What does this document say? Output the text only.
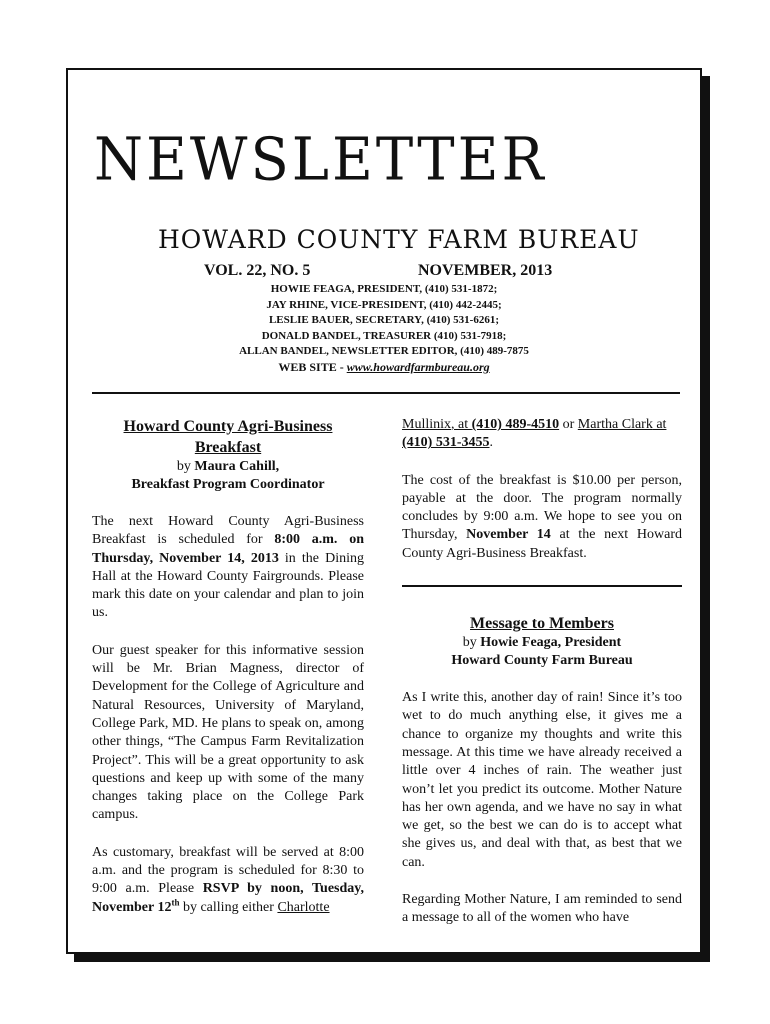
NEWSLETTER
HOWARD COUNTY FARM BUREAU
VOL. 22, NO. 5	NOVEMBER, 2013
HOWIE FEAGA, PRESIDENT, (410) 531-1872;
JAY RHINE, VICE-PRESIDENT, (410) 442-2445;
LESLIE BAUER, SECRETARY, (410) 531-6261;
DONALD BANDEL, TREASURER (410) 531-7918;
ALLAN BANDEL, NEWSLETTER EDITOR, (410) 489-7875
WEB SITE - www.howardfarmbureau.org
Howard County Agri-Business Breakfast
by Maura Cahill,
Breakfast Program Coordinator
The next Howard County Agri-Business Breakfast is scheduled for 8:00 a.m. on Thursday, November 14, 2013 in the Dining Hall at the Howard County Fairgrounds. Please mark this date on your calendar and plan to join us.
Our guest speaker for this informative session will be Mr. Brian Magness, director of Development for the College of Agriculture and Natural Resources, University of Maryland, College Park, MD. He plans to speak on, among other things, “The Campus Farm Revitalization Project”. This will be a great opportunity to ask questions and keep up with some of the many changes taking place on the College Park campus.
As customary, breakfast will be served at 8:00 a.m. and the program is scheduled for 8:30 to 9:00 a.m. Please RSVP by noon, Tuesday, November 12th by calling either Charlotte
Mullinix, at (410) 489-4510 or Martha Clark at
(410) 531-3455.
The cost of the breakfast is $10.00 per person, payable at the door. The program normally concludes by 9:00 a.m. We hope to see you on Thursday, November 14 at the next Howard County Agri-Business Breakfast.
Message to Members
by Howie Feaga, President
Howard County Farm Bureau
As I write this, another day of rain! Since it’s too wet to do much anything else, it gives me a chance to organize my thoughts and write this message. At this time we have already received a little over 4 inches of rain. The weather just won’t let you predict its outcome. Mother Nature has her own agenda, and we have no say in what we get, so the best we can do is to accept what she gives us, and deal with that, as best that we can.
Regarding Mother Nature, I am reminded to send a message to all of the women who have
